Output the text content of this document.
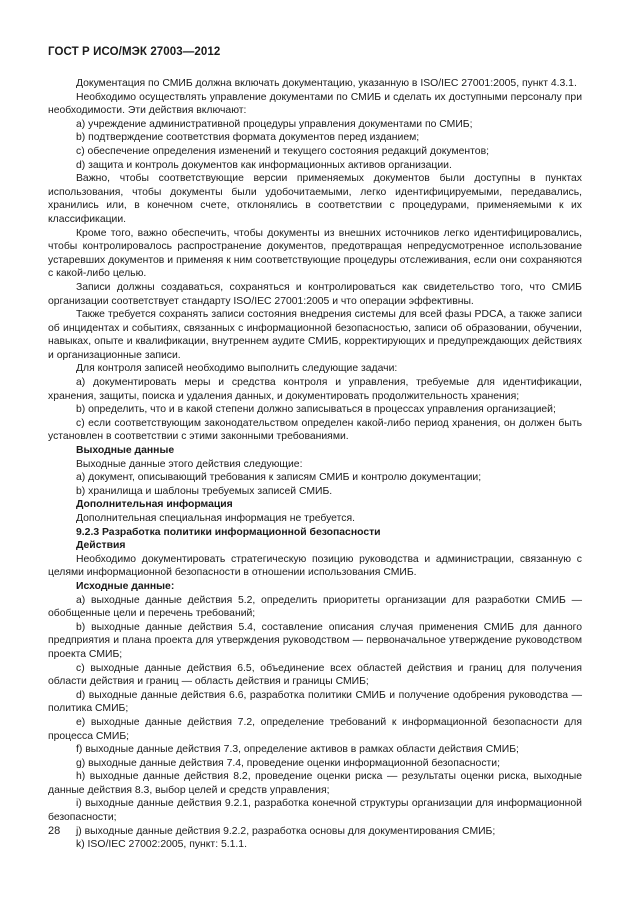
ГОСТ Р ИСО/МЭК 27003—2012

Документация по СМИБ должна включать документацию, указанную в ISO/IEC 27001:2005, пункт 4.3.1.

Необходимо осуществлять управление документами по СМИБ и сделать их доступными персоналу при необходимости. Эти действия включают:

a) учреждение административной процедуры управления документами по СМИБ;

b) подтверждение соответствия формата документов перед изданием;

c) обеспечение определения изменений и текущего состояния редакций документов;

d) защита и контроль документов как информационных активов организации.

Важно, чтобы соответствующие версии применяемых документов были доступны в пунктах использования, чтобы документы были удобочитаемыми, легко идентифицируемыми, передавались, хранились или, в конечном счете, отклонялись в соответствии с процедурами, применяемыми к их классификации.

Кроме того, важно обеспечить, чтобы документы из внешних источников легко идентифицировались, чтобы контролировалось распространение документов, предотвращая непредусмотренное использование устаревших документов и применяя к ним соответствующие процедуры отслеживания, если они сохраняются с какой-либо целью.

Записи должны создаваться, сохраняться и контролироваться как свидетельство того, что СМИБ организации соответствует стандарту ISO/IEC 27001:2005 и что операции эффективны.

Также требуется сохранять записи состояния внедрения системы для всей фазы PDCA, а также записи об инцидентах и событиях, связанных с информационной безопасностью, записи об образовании, обучении, навыках, опыте и квалификации, внутреннем аудите СМИБ, корректирующих и предупреждающих действиях и организационные записи.

Для контроля записей необходимо выполнить следующие задачи:

a) документировать меры и средства контроля и управления, требуемые для идентификации, хранения, защиты, поиска и удаления данных, и документировать продолжительность хранения;

b) определить, что и в какой степени должно записываться в процессах управления организацией;

c) если соответствующим законодательством определен какой-либо период хранения, он должен быть установлен в соответствии с этими законными требованиями.

Выходные данные

Выходные данные этого действия следующие:

a) документ, описывающий требования к записям СМИБ и контролю документации;

b) хранилища и шаблоны требуемых записей СМИБ.

Дополнительная информация

Дополнительная специальная информация не требуется.

9.2.3 Разработка политики информационной безопасности

Действия

Необходимо документировать стратегическую позицию руководства и администрации, связанную с целями информационной безопасности в отношении использования СМИБ.

Исходные данные:

a) выходные данные действия 5.2, определить приоритеты организации для разработки СМИБ — обобщенные цели и перечень требований;

b) выходные данные действия 5.4, составление описания случая применения СМИБ для данного предприятия и плана проекта для утверждения руководством — первоначальное утверждение руководством проекта СМИБ;

c) выходные данные действия 6.5, объединение всех областей действия и границ для получения области действия и границ — область действия и границы СМИБ;

d) выходные данные действия 6.6, разработка политики СМИБ и получение одобрения руководства — политика СМИБ;

e) выходные данные действия 7.2, определение требований к информационной безопасности для процесса СМИБ;

f) выходные данные действия 7.3, определение активов в рамках области действия СМИБ;

g) выходные данные действия 7.4, проведение оценки информационной безопасности;

h) выходные данные действия 8.2, проведение оценки риска — результаты оценки риска, выходные данные действия 8.3, выбор целей и средств управления;

i) выходные данные действия 9.2.1, разработка конечной структуры организации для информационной безопасности;

j) выходные данные действия 9.2.2, разработка основы для документирования СМИБ;

k) ISO/IEC 27002:2005, пункт: 5.1.1.

28
